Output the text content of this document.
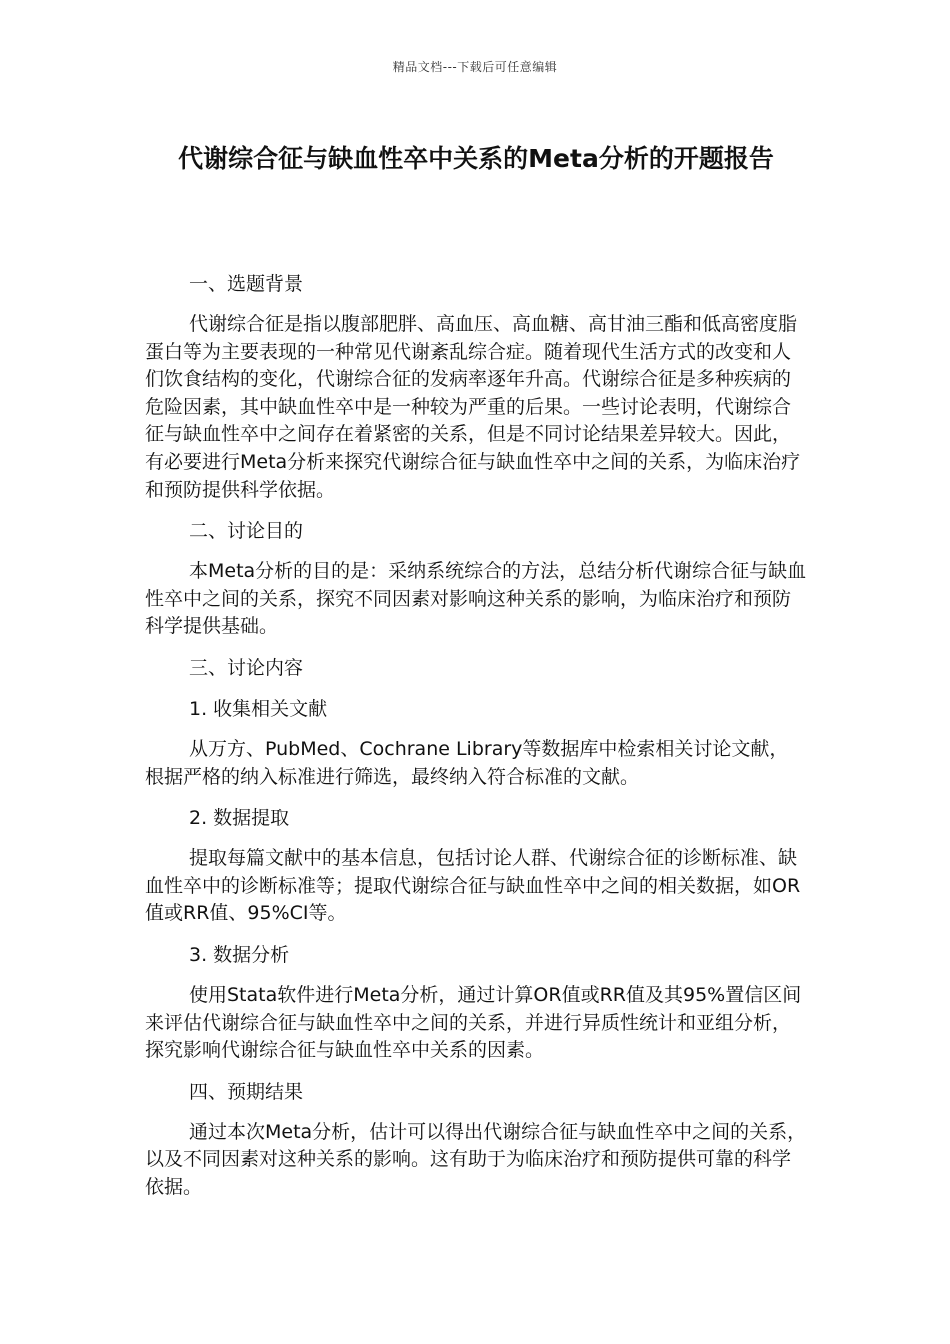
精品文档---下载后可任意编辑
代谢综合征与缺血性卒中关系的Meta分析的开题报告
一、选题背景

代谢综合征是指以腹部肥胖、高血压、高血糖、高甘油三酯和低高密度脂蛋白等为主要表现的一种常见代谢紊乱综合症。随着现代生活方式的改变和人们饮食结构的变化，代谢综合征的发病率逐年升高。代谢综合征是多种疾病的危险因素，其中缺血性卒中是一种较为严重的后果。一些讨论表明，代谢综合征与缺血性卒中之间存在着紧密的关系，但是不同讨论结果差异较大。因此，有必要进行Meta分析来探究代谢综合征与缺血性卒中之间的关系，为临床治疗和预防提供科学依据。

二、讨论目的

本Meta分析的目的是：采纳系统综合的方法，总结分析代谢综合征与缺血性卒中之间的关系，探究不同因素对影响这种关系的影响，为临床治疗和预防科学提供基础。

三、讨论内容
1. 收集相关文献

从万方、PubMed、Cochrane Library等数据库中检索相关讨论文献，根据严格的纳入标准进行筛选，最终纳入符合标准的文献。

2. 数据提取

提取每篇文献中的基本信息，包括讨论人群、代谢综合征的诊断标准、缺血性卒中的诊断标准等；提取代谢综合征与缺血性卒中之间的相关数据，如OR值或RR值、95%CI等。

3. 数据分析

使用Stata软件进行Meta分析，通过计算OR值或RR值及其95%置信区间来评估代谢综合征与缺血性卒中之间的关系，并进行异质性统计和亚组分析，探究影响代谢综合征与缺血性卒中关系的因素。

四、预期结果

通过本次Meta分析，估计可以得出代谢综合征与缺血性卒中之间的关系，以及不同因素对这种关系的影响。这有助于为临床治疗和预防提供可靠的科学依据。
